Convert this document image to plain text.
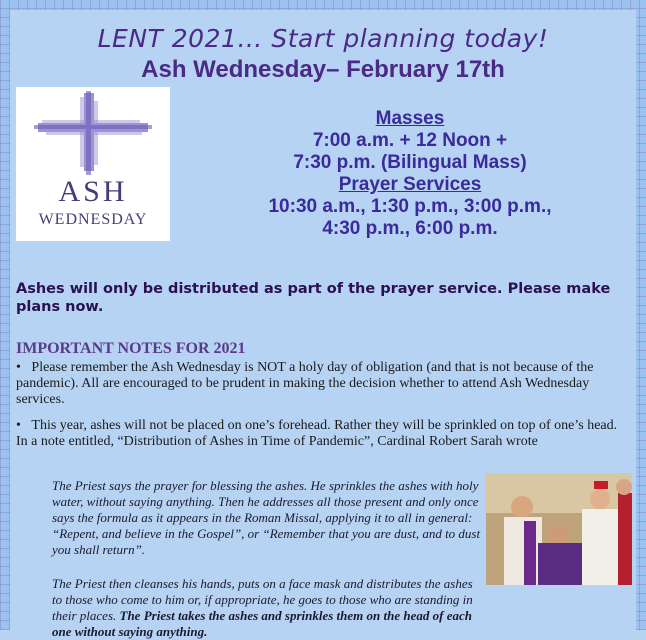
LENT 2021… Start planning today!
Ash Wednesday– February 17th
ASH
WEDNESDAY
Masses
7:00 a.m. + 12 Noon +
7:30 p.m. (Bilingual Mass)
Prayer Services
10:30 a.m., 1:30 p.m., 3:00 p.m.,
4:30 p.m., 6:00 p.m.
Ashes will only be distributed as part of the prayer service. Please make plans now.
IMPORTANT NOTES FOR 2021
•   Please remember the Ash Wednesday is NOT a holy day of obligation (and that is not because of the pandemic). All are encouraged to be prudent in making the decision whether to attend Ash Wednesday services.
•   This year, ashes will not be placed on one’s forehead. Rather they will be sprinkled on top of one’s head. In a note entitled, “Distribution of Ashes in Time of Pandemic”, Cardinal Robert Sarah wrote
The Priest says the prayer for blessing the ashes. He sprinkles the ashes with holy water, without saying anything. Then he addresses all those present and only once says the formula as it appears in the Roman Missal, applying it to all in general: “Repent, and believe in the Gospel”, or “Remember that you are dust, and to dust you shall return”.
The Priest then cleanses his hands, puts on a face mask and distributes the ashes to those who come to him or, if appropriate, he goes to those who are standing in their places. The Priest takes the ashes and sprinkles them on the head of each one without saying anything.
